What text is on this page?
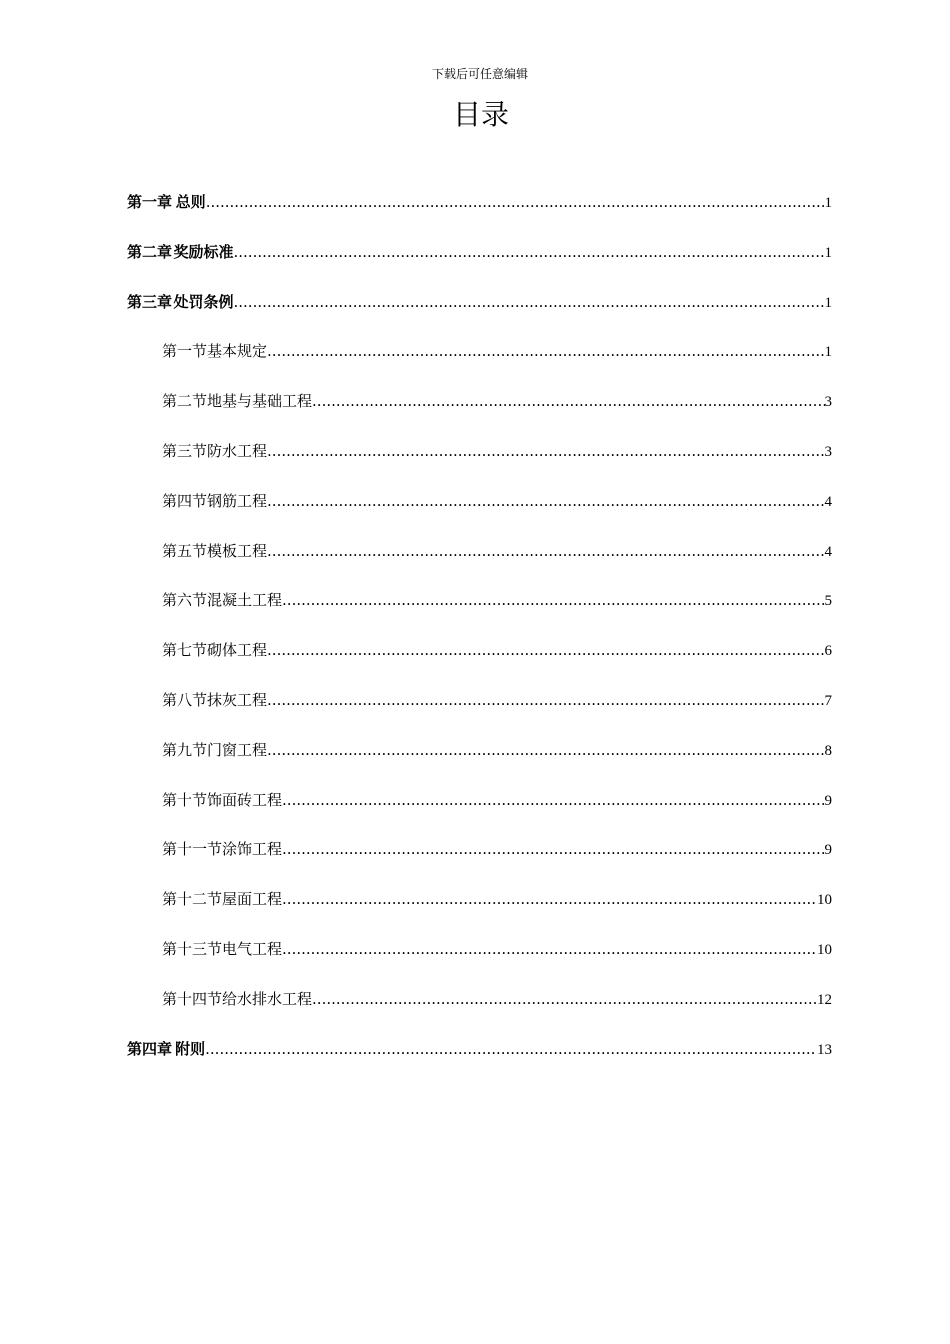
下载后可任意编辑
目录
第一章 总则 .....	1
第二章 奖励标准 .....	1
第三章 处罚条例 .....	1
第一节 基本规定 .....	1
第二节 地基与基础工程 .....	3
第三节 防水工程 .....	3
第四节 钢筋工程 .....	4
第五节 模板工程 .....	4
第六节 混凝土工程 .....	5
第七节 砌体工程 .....	6
第八节 抹灰工程 .....	7
第九节 门窗工程 .....	8
第十节 饰面砖工程 .....	9
第十一节 涂饰工程 .....	9
第十二节 屋面工程 .....	10
第十三节 电气工程 .....	10
第十四节 给水排水工程 .....	12
第四章 附则 .....	13
